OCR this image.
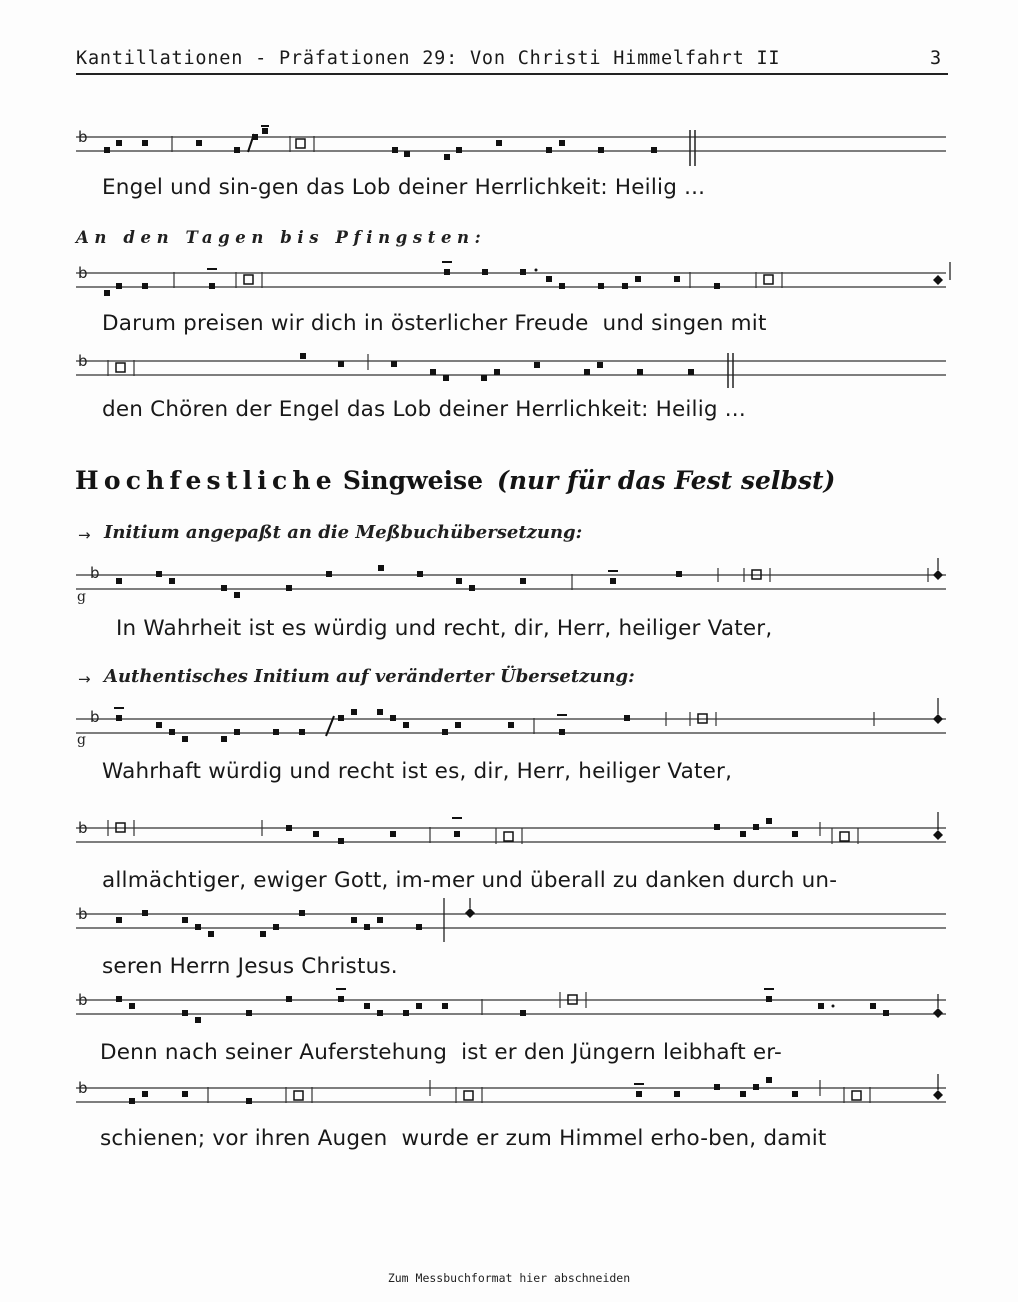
Kantillationen - Präfationen 29: Von Christi Himmelfahrt II	3
b
Engel und sin-gen das Lob deiner Herrlichkeit: Heilig ...
An den Tagen bis Pfingsten:
b
Darum preisen wir dich in österlicher Freude  und singen mit
b
den Chören der Engel das Lob deiner Herrlichkeit: Heilig ...
Hochfestliche Singweise (nur für das Fest selbst)
→ Initium angepaßt an die Meßbuchübersetzung:
b
g
In Wahrheit ist es würdig und recht, dir, Herr, heiliger Vater,
→ Authentisches Initium auf veränderter Übersetzung:
b
g
Wahrhaft würdig und recht ist es, dir, Herr, heiliger Vater,
b
allmächtiger, ewiger Gott, im-mer und überall zu danken durch un-
b
seren Herrn Jesus Christus.
b
Denn nach seiner Auferstehung  ist er den Jüngern leibhaft er-
b
schienen; vor ihren Augen  wurde er zum Himmel erho-ben, damit
Zum Messbuchformat hier abschneiden
